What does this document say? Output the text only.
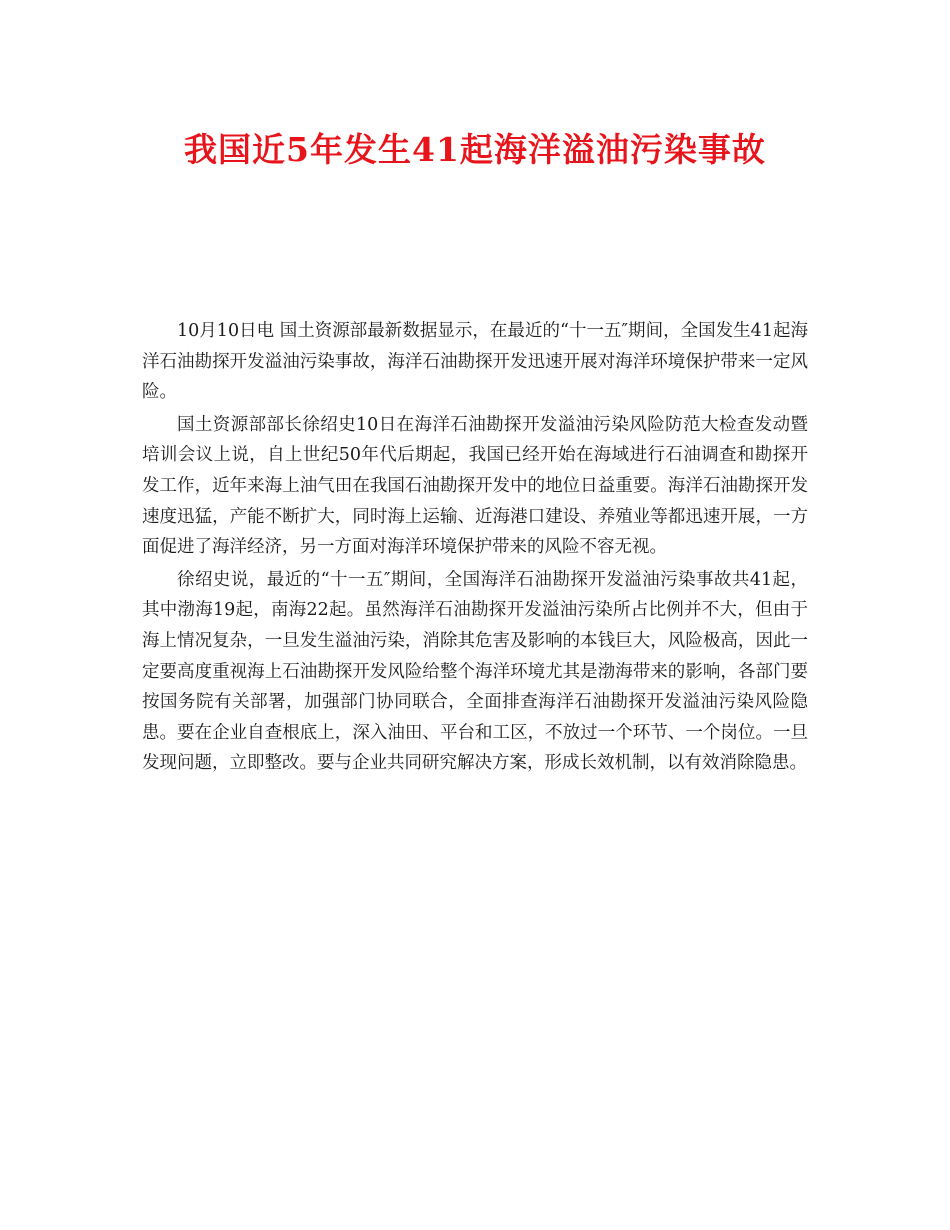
我国近5年发生41起海洋溢油污染事故

10月10日电 国土资源部最新数据显示，在最近的“十一五″期间，全国发生41起海洋石油勘探开发溢油污染事故，海洋石油勘探开发迅速开展对海洋环境保护带来一定风险。

国土资源部部长徐绍史10日在海洋石油勘探开发溢油污染风险防范大检查发动暨培训会议上说，自上世纪50年代后期起，我国已经开始在海域进行石油调查和勘探开发工作，近年来海上油气田在我国石油勘探开发中的地位日益重要。海洋石油勘探开发速度迅猛，产能不断扩大，同时海上运输、近海港口建设、养殖业等都迅速开展，一方面促进了海洋经济，另一方面对海洋环境保护带来的风险不容无视。

徐绍史说，最近的“十一五″期间，全国海洋石油勘探开发溢油污染事故共41起，其中渤海19起，南海22起。虽然海洋石油勘探开发溢油污染所占比例并不大，但由于海上情况复杂，一旦发生溢油污染，消除其危害及影响的本钱巨大，风险极高，因此一定要高度重视海上石油勘探开发风险给整个海洋环境尤其是渤海带来的影响，各部门要按国务院有关部署，加强部门协同联合，全面排查海洋石油勘探开发溢油污染风险隐患。要在企业自查根底上，深入油田、平台和工区，不放过一个环节、一个岗位。一旦发现问题，立即整改。要与企业共同研究解决方案，形成长效机制，以有效消除隐患。
